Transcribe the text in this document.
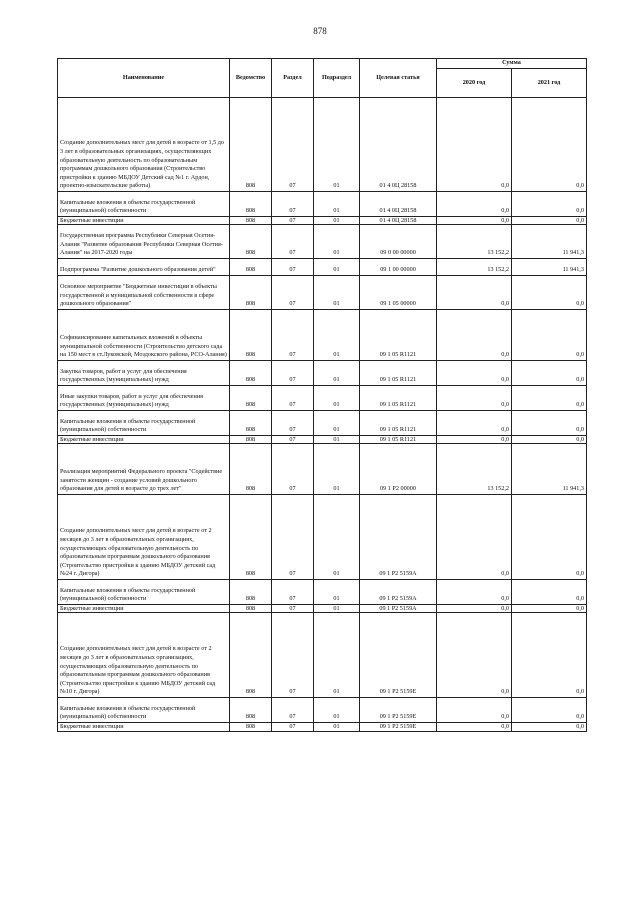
878
Наименование	Ведомство	Раздел	Подраздел	Целевая статья	Сумма	
					2020 год	2021 год

Создание дополнительных мест для детей в возрасте от 1,5 до 3 лет в образовательных организациях, осуществляющих образовательную деятельность по образовательным программам дошкольного образования (Строительство пристройки к зданию МБДОУ Детский сад №1 г. Ардон, проектно-изыскательские работы)	808	07	01	01 4 0Ц 28158	0,0	0,0

Капитальные вложения в объекты государственной (муниципальной) собственности	808	07	01	01 4 0Ц 28158	0,0	0,0

Бюджетные инвестиции	808	07	01	01 4 0Ц 28158	0,0	0,0

Государственная программа Республики Северная Осетия-Алания "Развитие образования Республики Северная Осетия-Алания" на 2017-2020 годы	808	07	01	09 0 00 00000	13 152,2	11 941,3

Подпрограмма "Развитие дошкольного образования детей"	808	07	01	09 1 00 00000	13 152,2	11 941,3

Основное мероприятие "Бюджетные инвестиции в объекты государственной и муниципальной собственности в сфере дошкольного образования"	808	07	01	09 1 05 00000	0,0	0,0

Софинансирование капитальных вложений в объекты муниципальной собственности (Строительство детского сада на 150 мест в ст.Луковской, Моздокского района, РСО-Алания)	808	07	01	09 1 05 R1121	0,0	0,0

Закупка товаров, работ и услуг для обеспечения государственных (муниципальных) нужд	808	07	01	09 1 05 R1121	0,0	0,0

Иные закупки товаров, работ и услуг для обеспечения государственных (муниципальных) нужд	808	07	01	09 1 05 R1121	0,0	0,0

Капитальные вложения в объекты государственной (муниципальной) собственности	808	07	01	09 1 05 R1121	0,0	0,0

Бюджетные инвестиции	808	07	01	09 1 05 R1121	0,0	0,0

Реализация мероприятий Федерального проекта "Содействие занятости женщин - создание условий дошкольного образования для детей в возрасте до трех лет"	808	07	01	09 1 P2 00000	13 152,2	11 941,3

Создание дополнительных мест для детей в возрасте от 2 месяцев до 3 лет в образовательных организациях, осуществляющих образовательную деятельность по образовательным программам дошкольного образования (Строительство пристройки к зданию МБДОУ детский сад №24 г. Дигора)	808	07	01	09 1 P2 5159А	0,0	0,0

Капитальные вложения в объекты государственной (муниципальной) собственности	808	07	01	09 1 P2 5159А	0,0	0,0

Бюджетные инвестиции	808	07	01	09 1 P2 5159А	0,0	0,0

Создание дополнительных мест для детей в возрасте от 2 месяцев до 3 лет в образовательных организациях, осуществляющих образовательную деятельность по образовательным программам дошкольного образования (Строительство пристройки к зданию МБДОУ детский сад №10 г. Дигора)	808	07	01	09 1 P2 5159Е	0,0	0,0

Капитальные вложения в объекты государственной (муниципальной) собственности	808	07	01	09 1 P2 5159Е	0,0	0,0

Бюджетные инвестиции	808	07	01	09 1 P2 5159Е	0,0	0,0
